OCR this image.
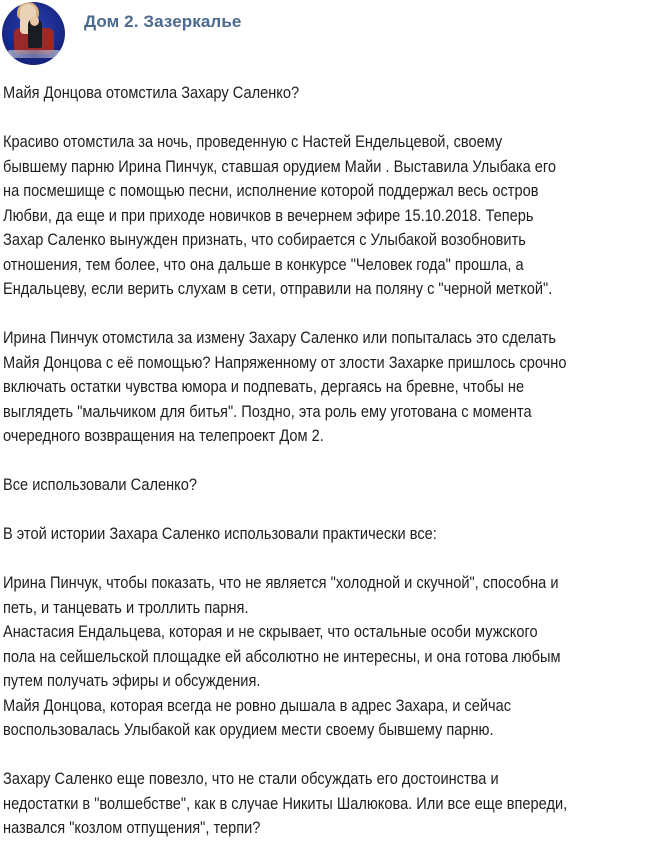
Дом 2. Зазеркалье

Майя Донцова отомстила Захару Саленко?

Красиво отомстила за ночь, проведенную с Настей Ендельцевой, своему

бывшему парню Ирина Пинчук, ставшая орудием Майи . Выставила Улыбака его

на посмешище с помощью песни, исполнение которой поддержал весь остров

Любви, да еще и при приходе новичков в вечернем эфире 15.10.2018. Теперь

Захар Саленко вынужден признать, что собирается с Улыбакой возобновить

отношения, тем более, что она дальше в конкурсе "Человек года" прошла, а

Ендальцеву, если верить слухам в сети, отправили на поляну с "черной меткой".

Ирина Пинчук отомстила за измену Захару Саленко или попыталась это сделать

Майя Донцова с её помощью? Напряженному от злости Захарке пришлось срочно

включать остатки чувства юмора и подпевать, дергаясь на бревне, чтобы не

выглядеть "мальчиком для битья". Поздно, эта роль ему уготована с момента

очередного возвращения на телепроект Дом 2.

Все использовали Саленко?

В этой истории Захара Саленко использовали практически все:

Ирина Пинчук, чтобы показать, что не является "холодной и скучной", способна и

петь, и танцевать и троллить парня.

Анастасия Ендальцева, которая и не скрывает, что остальные особи мужского

пола на сейшельской площадке ей абсолютно не интересны, и она готова любым

путем получать эфиры и обсуждения.

Майя Донцова, которая всегда не ровно дышала в адрес Захара, и сейчас

воспользовалась Улыбакой как орудием мести своему бывшему парню.

Захару Саленко еще повезло, что не стали обсуждать его достоинства и

недостатки в "волшебстве", как в случае Никиты Шалюкова. Или все еще впереди,

назвался "козлом отпущения", терпи?
